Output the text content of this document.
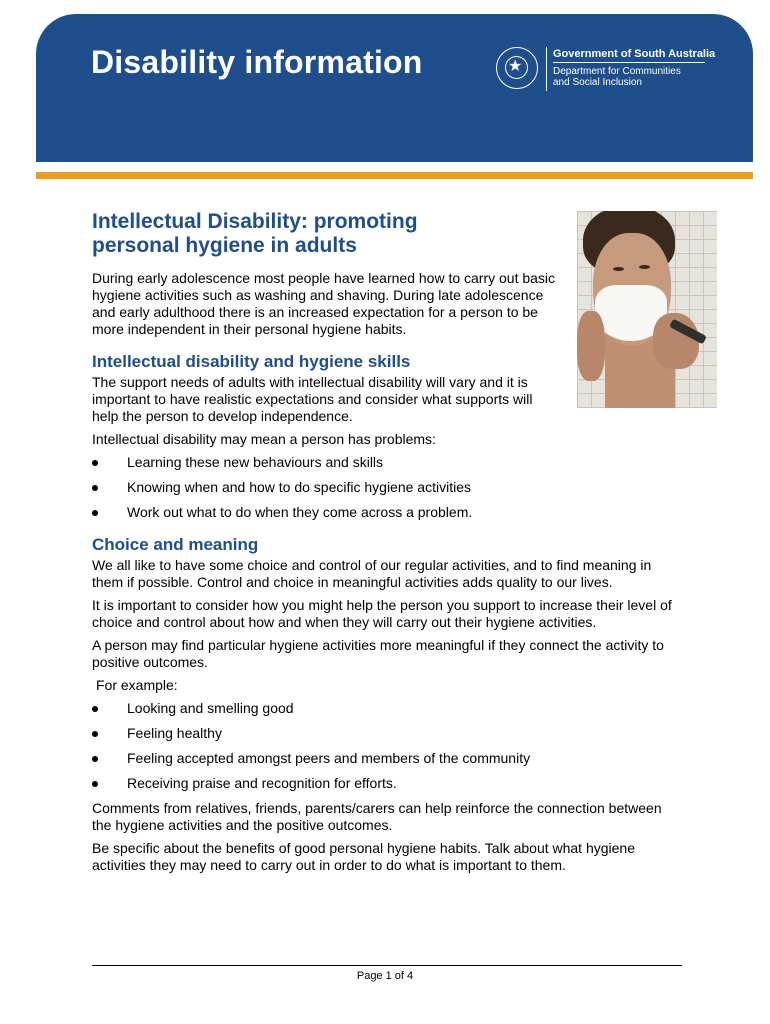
Disability information	★
Government of South Australia
Department for Communities
and Social Inclusion
Intellectual Disability: promoting
personal hygiene in adults

During early adolescence most people have learned how to carry out basic hygiene activities such as washing and shaving. During late adolescence and early adulthood there is an increased expectation for a person to be more independent in their personal hygiene habits.

Intellectual disability and hygiene skills

The support needs of adults with intellectual disability will vary and it is important to have realistic expectations and consider what supports will help the person to develop independence.

Intellectual disability may mean a person has problems:

Learning these new behaviours and skills
Knowing when and how to do specific hygiene activities
Work out what to do when they come across a problem.
Choice and meaning

We all like to have some choice and control of our regular activities, and to find meaning in them if possible. Control and choice in meaningful activities adds quality to our lives.

It is important to consider how you might help the person you support to increase their level of choice and control about how and when they will carry out their hygiene activities.

A person may find particular hygiene activities more meaningful if they connect the activity to positive outcomes.

For example:

Looking and smelling good
Feeling healthy
Feeling accepted amongst peers and members of the community
Receiving praise and recognition for efforts.

Comments from relatives, friends, parents/carers can help reinforce the connection between the hygiene activities and the positive outcomes.

Be specific about the benefits of good personal hygiene habits. Talk about what hygiene activities they may need to carry out in order to do what is important to them.

Page 1 of 4
